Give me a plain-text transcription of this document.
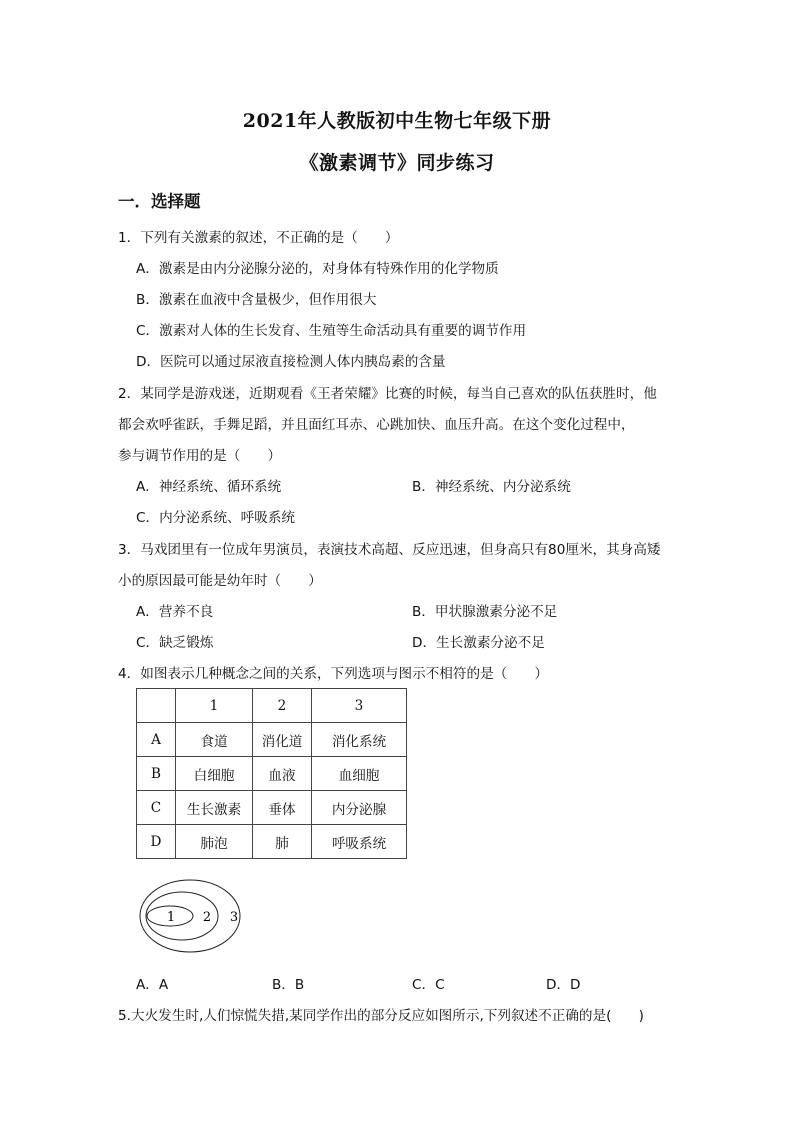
2021年人教版初中生物七年级下册
《激素调节》同步练习
一．选择题
1．下列有关激素的叙述，不正确的是（　　）
A．激素是由内分泌腺分泌的，对身体有特殊作用的化学物质
B．激素在血液中含量极少，但作用很大
C．激素对人体的生长发育、生殖等生命活动具有重要的调节作用
D．医院可以通过尿液直接检测人体内胰岛素的含量
2．某同学是游戏迷，近期观看《王者荣耀》比赛的时候，每当自己喜欢的队伍获胜时，他
都会欢呼雀跃，手舞足蹈，并且面红耳赤、心跳加快、血压升高。在这个变化过程中，
参与调节作用的是（　　）
A．神经系统、循环系统	B．神经系统、内分泌系统
C．内分泌系统、呼吸系统
3．马戏团里有一位成年男演员，表演技术高超、反应迅速，但身高只有80厘米，其身高矮
小的原因最可能是幼年时（　　）
A．营养不良	B．甲状腺激素分泌不足
C．缺乏锻炼	D．生长激素分泌不足
4．如图表示几种概念之间的关系，下列选项与图示不相符的是（　　）
	1	2	3
A	食道	消化道	消化系统
B	白细胞	血液	血细胞
C	生长激素	垂体	内分泌腺
D	肺泡	肺	呼吸系统
1 2 3
A．A	B．B	C．C	D．D
5.大火发生时,人们惊慌失措,某同学作出的部分反应如图所示,下列叙述不正确的是(　　)
